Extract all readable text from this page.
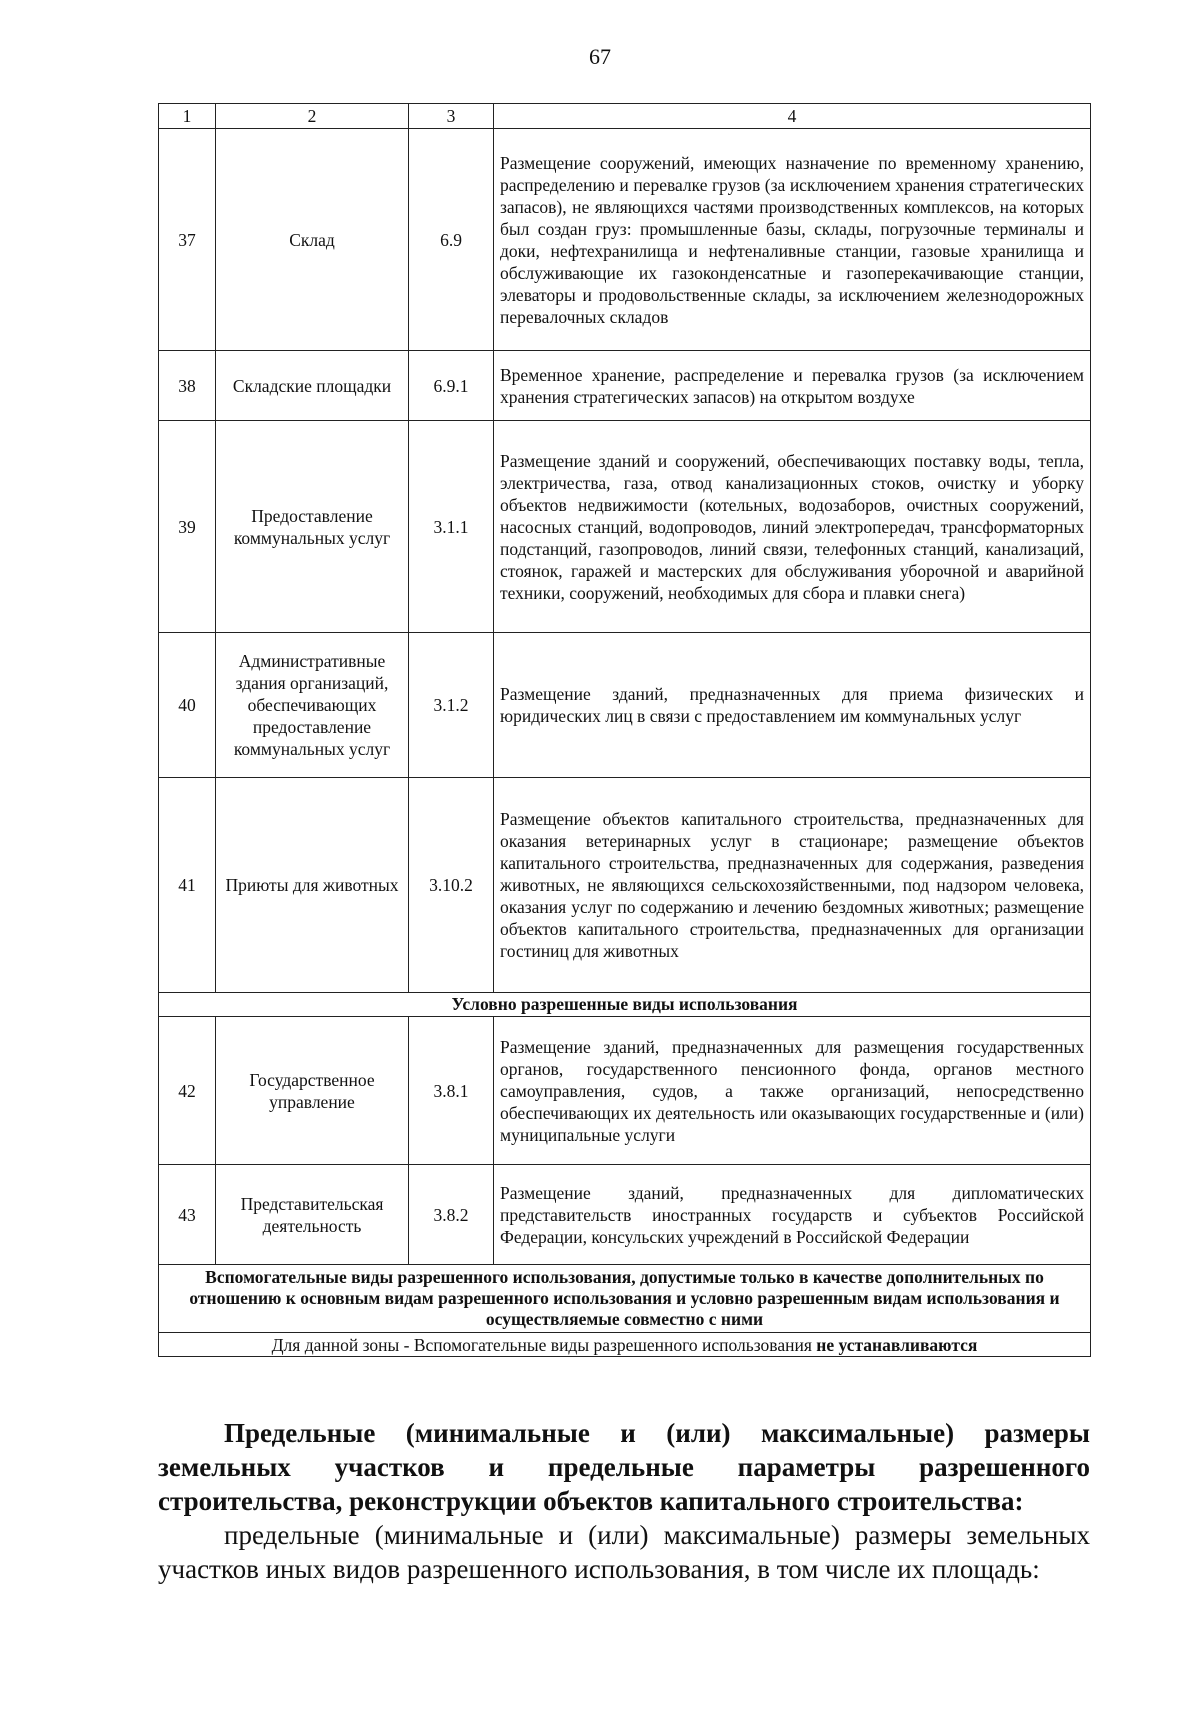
67
1	2	3	4
37	Склад	6.9	Размещение сооружений, имеющих назначение по временному хранению, распределению и перевалке грузов (за исключением хранения стратегических запасов), не являющихся частями производственных комплексов, на которых был создан груз: промышленные базы, склады, погрузочные терминалы и доки, нефтехранилища и нефтеналивные станции, газовые хранилища и обслуживающие их газоконденсатные и газоперекачивающие станции, элеваторы и продовольственные склады, за исключением железнодорожных перевалочных складов
38	Складские площадки	6.9.1	Временное хранение, распределение и перевалка грузов (за исключением хранения стратегических запасов) на открытом воздухе
39	Предоставление коммунальных услуг	3.1.1	Размещение зданий и сооружений, обеспечивающих поставку воды, тепла, электричества, газа, отвод канализационных стоков, очистку и уборку объектов недвижимости (котельных, водозаборов, очистных сооружений, насосных станций, водопроводов, линий электропередач, трансформаторных подстанций, газопроводов, линий связи, телефонных станций, канализаций, стоянок, гаражей и мастерских для обслуживания уборочной и аварийной техники, сооружений, необходимых для сбора и плавки снега)
40	Административные здания организаций, обеспечивающих предоставление коммунальных услуг	3.1.2	Размещение зданий, предназначенных для приема физических и юридических лиц в связи с предоставлением им коммунальных услуг
41	Приюты для животных	3.10.2	Размещение объектов капитального строительства, предназначенных для оказания ветеринарных услуг в стационаре; размещение объектов капитального строительства, предназначенных для содержания, разведения животных, не являющихся сельскохозяйственными, под надзором человека, оказания услуг по содержанию и лечению бездомных животных; размещение объектов капитального строительства, предназначенных для организации гостиниц для животных
Условно разрешенные виды использования			
42	Государственное управление	3.8.1	Размещение зданий, предназначенных для размещения государственных органов, государственного пенсионного фонда, органов местного самоуправления, судов, а также организаций, непосредственно обеспечивающих их деятельность или оказывающих государственные и (или) муниципальные услуги
43	Представительская деятельность	3.8.2	Размещение зданий, предназначенных для дипломатических представительств иностранных государств и субъектов Российской Федерации, консульских учреждений в Российской Федерации
Вспомогательные виды разрешенного использования, допустимые только в качестве дополнительных по отношению к основным видам разрешенного использования и условно разрешенным видам использования и осуществляемые совместно с ними			
Для данной зоны - Вспомогательные виды разрешенного использования не устанавливаются			

Предельные (минимальные и (или) максимальные) размеры земельных участков и предельные параметры разрешенного строительства, реконструкции объектов капитального строительства:

предельные (минимальные и (или) максимальные) размеры земельных участков иных видов разрешенного использования, в том числе их площадь:
